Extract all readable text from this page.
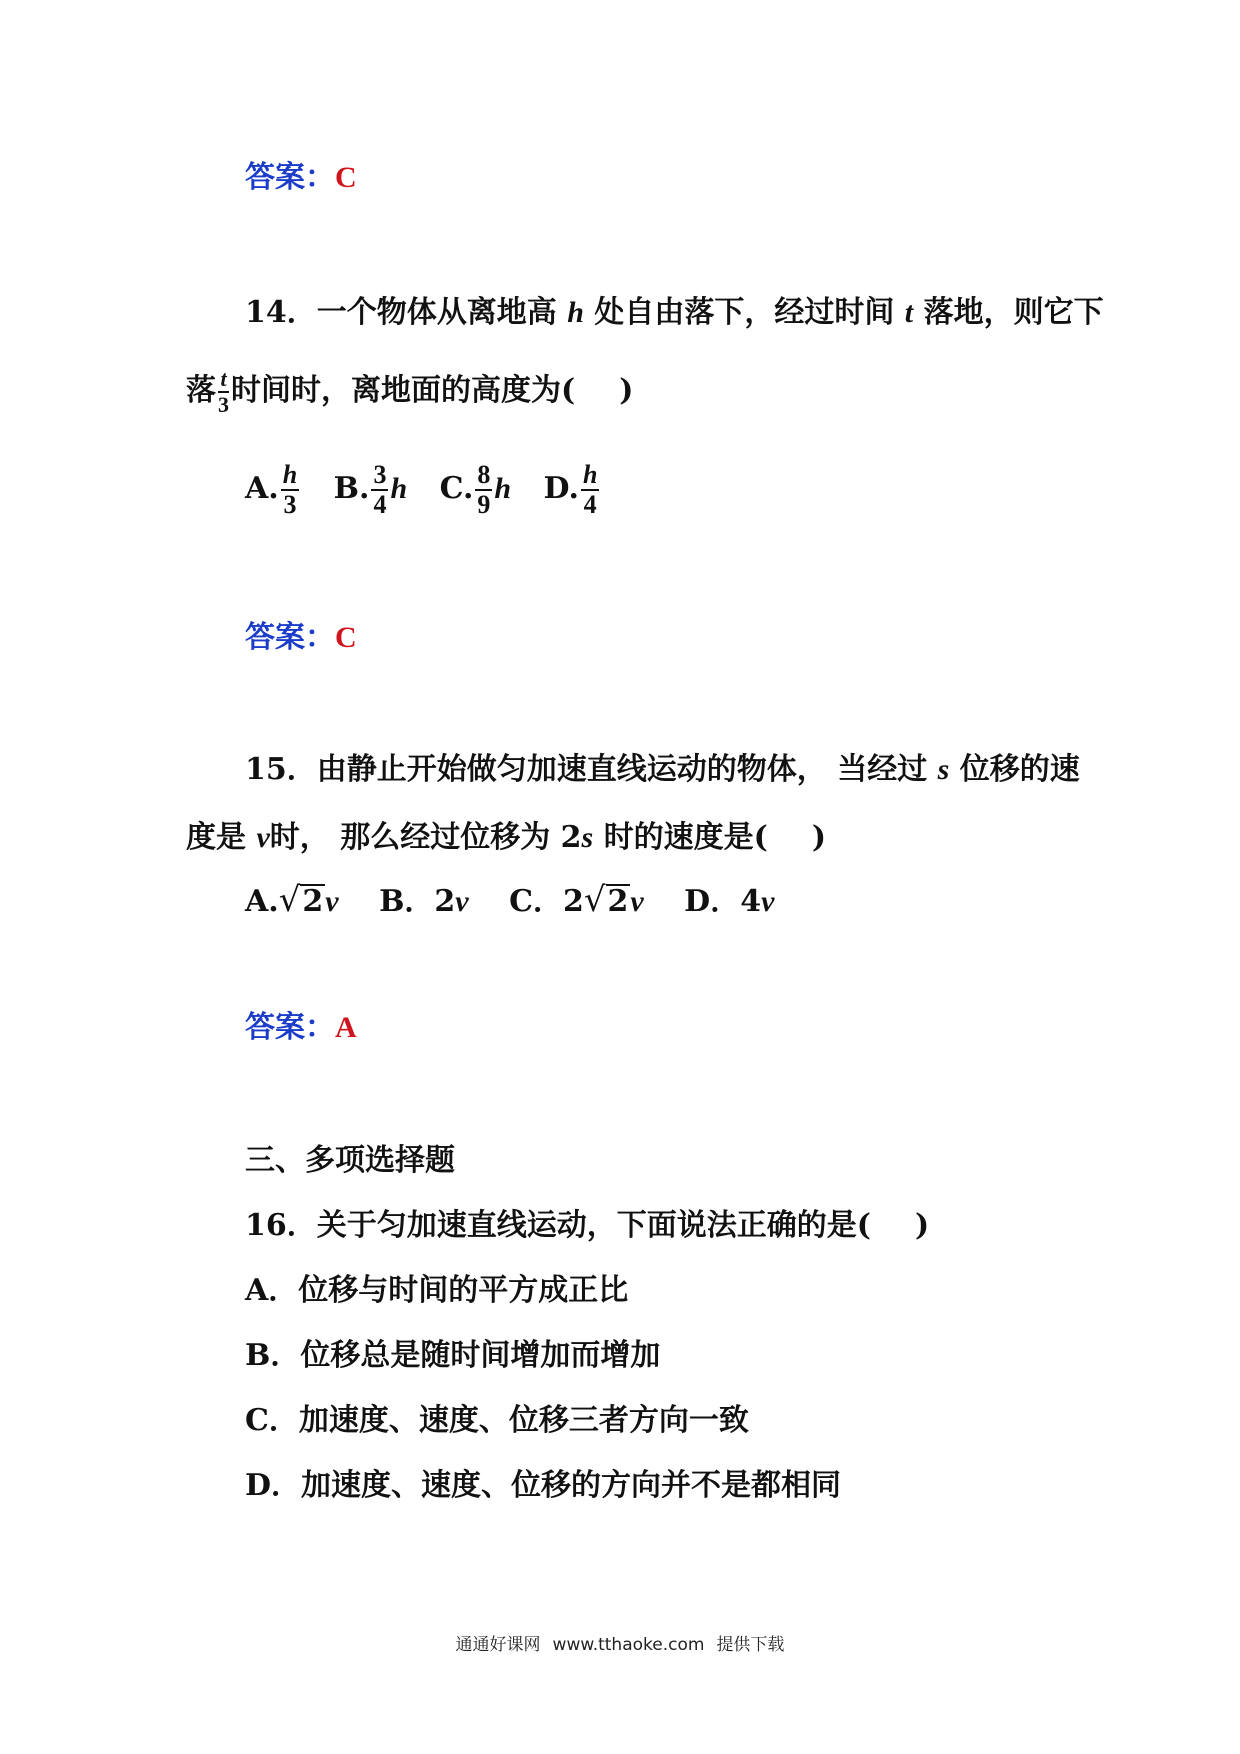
答案：C
14．一个物体从离地高 h 处自由落下，经过时间 t 落地，则它下
落 $\frac{t}{3}$ 时间时，离地面的高度为( )
A. $\frac{h}{3} B$. $\frac{3}{4}$ h C. $\frac{8}{9}$ h D. $\frac{h}{4}$
答案：C
15．由静止开始做匀加速直线运动的物体， 当经过 s 位移的速
度是 v时， 那么经过位移为 2s 时的速度是( )
A. √ 2 v B．2v C．2 √ 2 v D．4v
答案：A
三、多项选择题
16．关于匀加速直线运动，下面说法正确的是( )
A．位移与时间的平方成正比
B．位移总是随时间增加而增加
C．加速度、速度、位移三者方向一致
D．加速度、速度、位移的方向并不是都相同
通通好课网 www.tthaoke.com 提供下载
